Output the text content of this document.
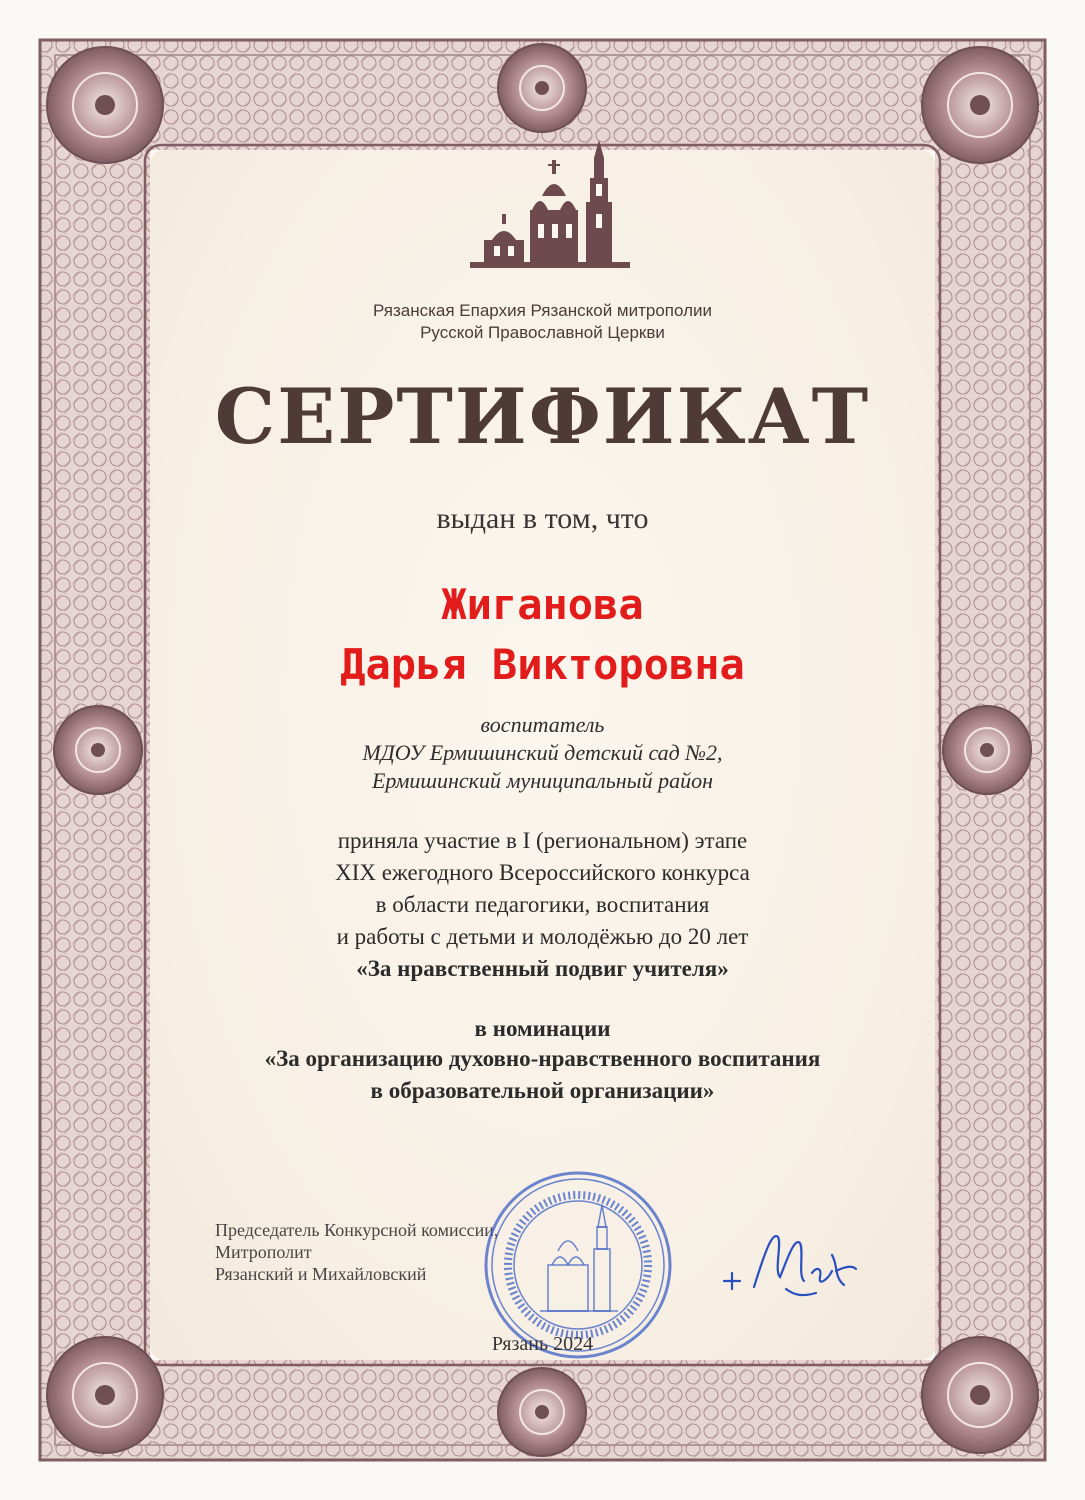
Рязанская Епархия Рязанской митрополии
Русской Православной Церкви
СЕРТИФИКАТ
выдан в том, что
Жиганова
Дарья Викторовна
воспитатель
МДОУ Ермишинский детский сад №2,
Ермишинский муниципальный район
приняла участие в I (региональном) этапе
XIX ежегодного Всероссийского конкурса
в области педагогики, воспитания
и работы с детьми и молодёжью до 20 лет
«За нравственный подвиг учителя»
в номинации
«За организацию духовно-нравственного воспитания
в образовательной организации»
Председатель Конкурсной комиссии,
Митрополит
Рязанский и Михайловский
Рязань 2024
